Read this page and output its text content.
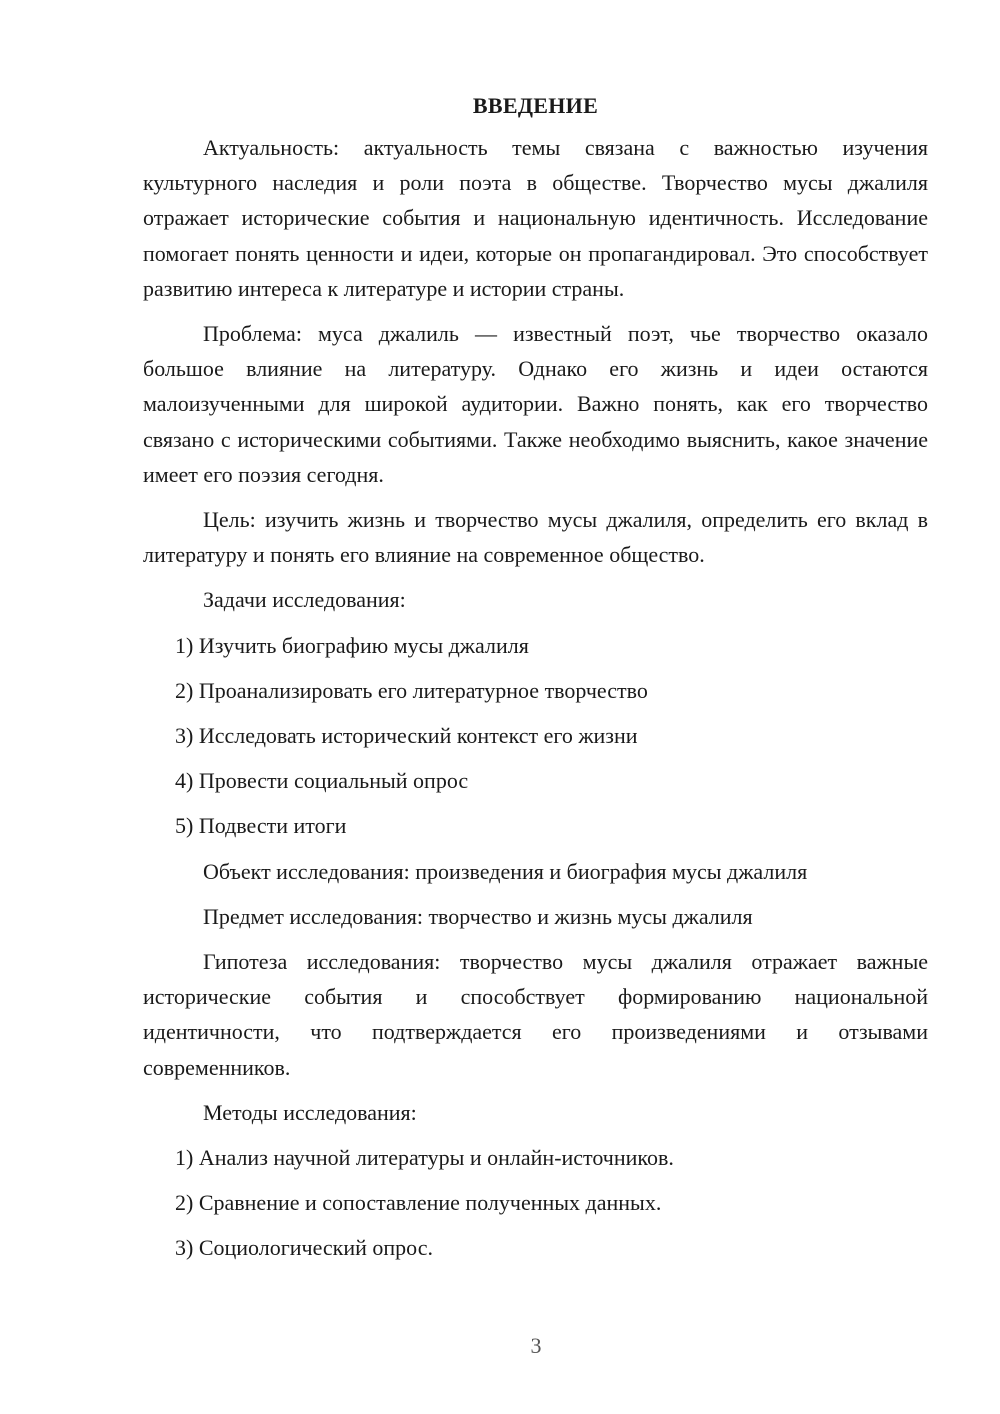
ВВЕДЕНИЕ

Актуальность: актуальность темы связана с важностью изучения культурного наследия и роли поэта в обществе. Творчество мусы джалиля отражает исторические события и национальную идентичность. Исследование помогает понять ценности и идеи, которые он пропагандировал. Это способствует развитию интереса к литературе и истории страны.

Проблема: муса джалиль — известный поэт, чье творчество оказало большое влияние на литературу. Однако его жизнь и идеи остаются малоизученными для широкой аудитории. Важно понять, как его творчество связано с историческими событиями. Также необходимо выяснить, какое значение имеет его поэзия сегодня.

Цель: изучить жизнь и творчество мусы джалиля, определить его вклад в литературу и понять его влияние на современное общество.

Задачи исследования:

1) Изучить биографию мусы джалиля
2) Проанализировать его литературное творчество
3) Исследовать исторический контекст его жизни
4) Провести социальный опрос
5) Подвести итоги

Объект исследования: произведения и биография мусы джалиля

Предмет исследования: творчество и жизнь мусы джалиля

Гипотеза исследования: творчество мусы джалиля отражает важные исторические события и способствует формированию национальной идентичности, что подтверждается его произведениями и отзывами современников.

Методы исследования:

1) Анализ научной литературы и онлайн-источников.
2) Сравнение и сопоставление полученных данных.
3) Социологический опрос.
3
